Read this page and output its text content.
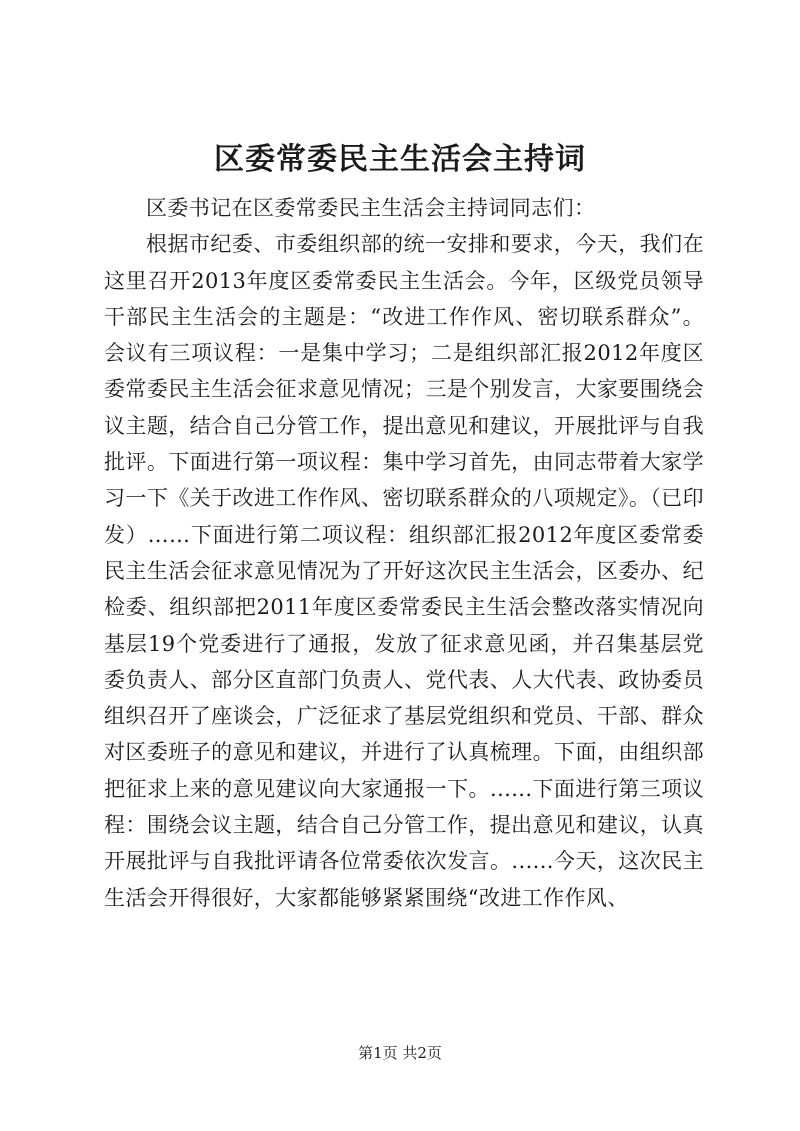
区委常委民主生活会主持词

区委书记在区委常委民主生活会主持词同志们：

根据市纪委、市委组织部的统一安排和要求，今天，我们在这里召开2013年度区委常委民主生活会。今年，区级党员领导干部民主生活会的主题是：“改进工作作风、密切联系群众”。会议有三项议程：一是集中学习；二是组织部汇报2012年度区委常委民主生活会征求意见情况；三是个别发言，大家要围绕会议主题，结合自己分管工作，提出意见和建议，开展批评与自我批评。下面进行第一项议程：集中学习首先，由同志带着大家学习一下《关于改进工作作风、密切联系群众的八项规定》。（已印发）……下面进行第二项议程：组织部汇报2012年度区委常委民主生活会征求意见情况为了开好这次民主生活会，区委办、纪检委、组织部把2011年度区委常委民主生活会整改落实情况向基层19个党委进行了通报，发放了征求意见函，并召集基层党委负责人、部分区直部门负责人、党代表、人大代表、政协委员组织召开了座谈会，广泛征求了基层党组织和党员、干部、群众对区委班子的意见和建议，并进行了认真梳理。下面，由组织部把征求上来的意见建议向大家通报一下。......下面进行第三项议程：围绕会议主题，结合自己分管工作，提出意见和建议，认真开展批评与自我批评请各位常委依次发言。......今天，这次民主生活会开得很好，大家都能够紧紧围绕“改进工作作风、

第1页 共2页
